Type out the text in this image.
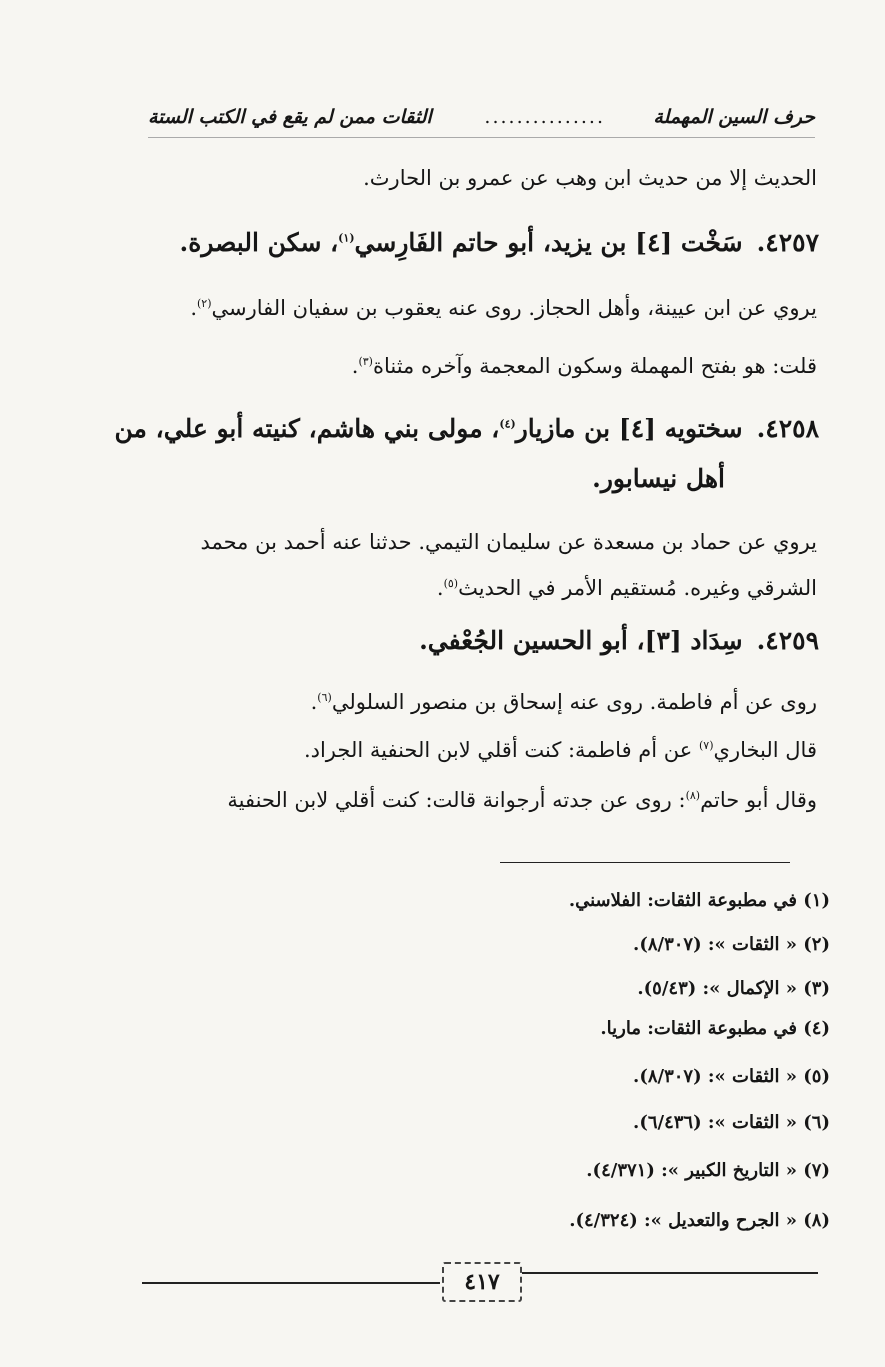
حرف السين المهملة
...............
الثقات ممن لم يقع في الكتب الستة
الحديث إلا من حديث ابن وهب عن عمرو بن الحارث.
٤٢٥٧.سَخْت [٤] بن يزيد، أبو حاتم الفَارِسي$^{(١)}$، سكن البصرة.
يروي عن ابن عيينة، وأهل الحجاز. روى عنه يعقوب بن سفيان الفارسي$^{(٢)}$.
قلت: هو بفتح المهملة وسكون المعجمة وآخره مثناة$^{(٣)}$.
٤٢٥٨.سختويه [٤] بن مازيار$^{(٤)}$، مولى بني هاشم، كنيته أبو علي، من
أهل نيسابور.
يروي عن حماد بن مسعدة عن سليمان التيمي. حدثنا عنه أحمد بن محمد
الشرقي وغيره. مُستقيم الأمر في الحديث$^{(٥)}$.
٤٢٥٩.سِدَاد [٣]، أبو الحسين الجُعْفي.
روى عن أم فاطمة. روى عنه إسحاق بن منصور السلولي$^{(٦)}$.
قال البخاري$^{(٧)}$ عن أم فاطمة: كنت أقلي لابن الحنفية الجراد.
وقال أبو حاتم$^{(٨)}$: روى عن جدته أرجوانة قالت: كنت أقلي لابن الحنفية
(١) في مطبوعة الثقات: الفلاسني.
(٢) « الثقات »: (٨/٣٠٧).
(٣) « الإكمال »: (٥/٤٣).
(٤) في مطبوعة الثقات: ماريا.
(٥) « الثقات »: (٨/٣٠٧).
(٦) « الثقات »: (٦/٤٣٦).
(٧) « التاريخ الكبير »: (٤/٣٧١).
(٨) « الجرح والتعديل »: (٤/٣٢٤).
٤١٧
